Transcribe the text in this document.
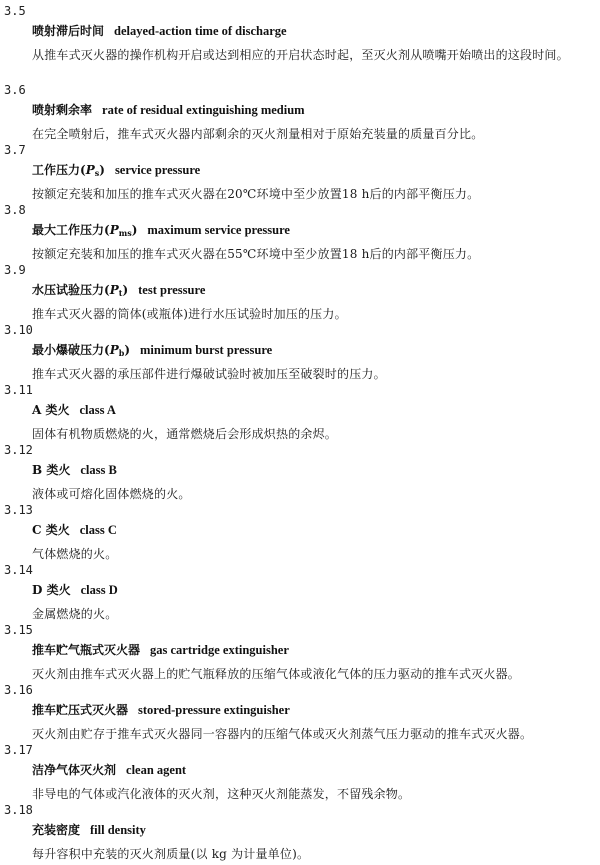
3.5
喷射滞后时间 delayed-action time of discharge
从推车式灭火器的操作机构开启或达到相应的开启状态时起，至灭火剂从喷嘴开始喷出的这段时间。
3.6
喷射剩余率 rate of residual extinguishing medium
在完全喷射后，推车式灭火器内部剩余的灭火剂量相对于原始充装量的质量百分比。
3.7
工作压力$(P_s)$ service pressure
按额定充装和加压的推车式灭火器在20℃环境中至少放置18 h后的内部平衡压力。
3.8
最大工作压力$(P_{ms})$ maximum service pressure
按额定充装和加压的推车式灭火器在55℃环境中至少放置18 h后的内部平衡压力。
3.9
水压试验压力$(P_t)$ test pressure
推车式灭火器的筒体(或瓶体)进行水压试验时加压的压力。
3.10
最小爆破压力$(P_b)$ minimum burst pressure
推车式灭火器的承压部件进行爆破试验时被加压至破裂时的压力。
3.11
A 类火 class A
固体有机物质燃烧的火，通常燃烧后会形成炽热的余烬。
3.12
B 类火 class B
液体或可熔化固体燃烧的火。
3.13
C 类火 class C
气体燃烧的火。
3.14
D 类火 class D
金属燃烧的火。
3.15
推车贮气瓶式灭火器 gas cartridge extinguisher
灭火剂由推车式灭火器上的贮气瓶释放的压缩气体或液化气体的压力驱动的推车式灭火器。
3.16
推车贮压式灭火器 stored-pressure extinguisher
灭火剂由贮存于推车式灭火器同一容器内的压缩气体或灭火剂蒸气压力驱动的推车式灭火器。
3.17
洁净气体灭火剂 clean agent
非导电的气体或汽化液体的灭火剂，这种灭火剂能蒸发，不留残余物。
3.18
充装密度 fill density
每升容积中充装的灭火剂质量(以 kg 为计量单位)。
